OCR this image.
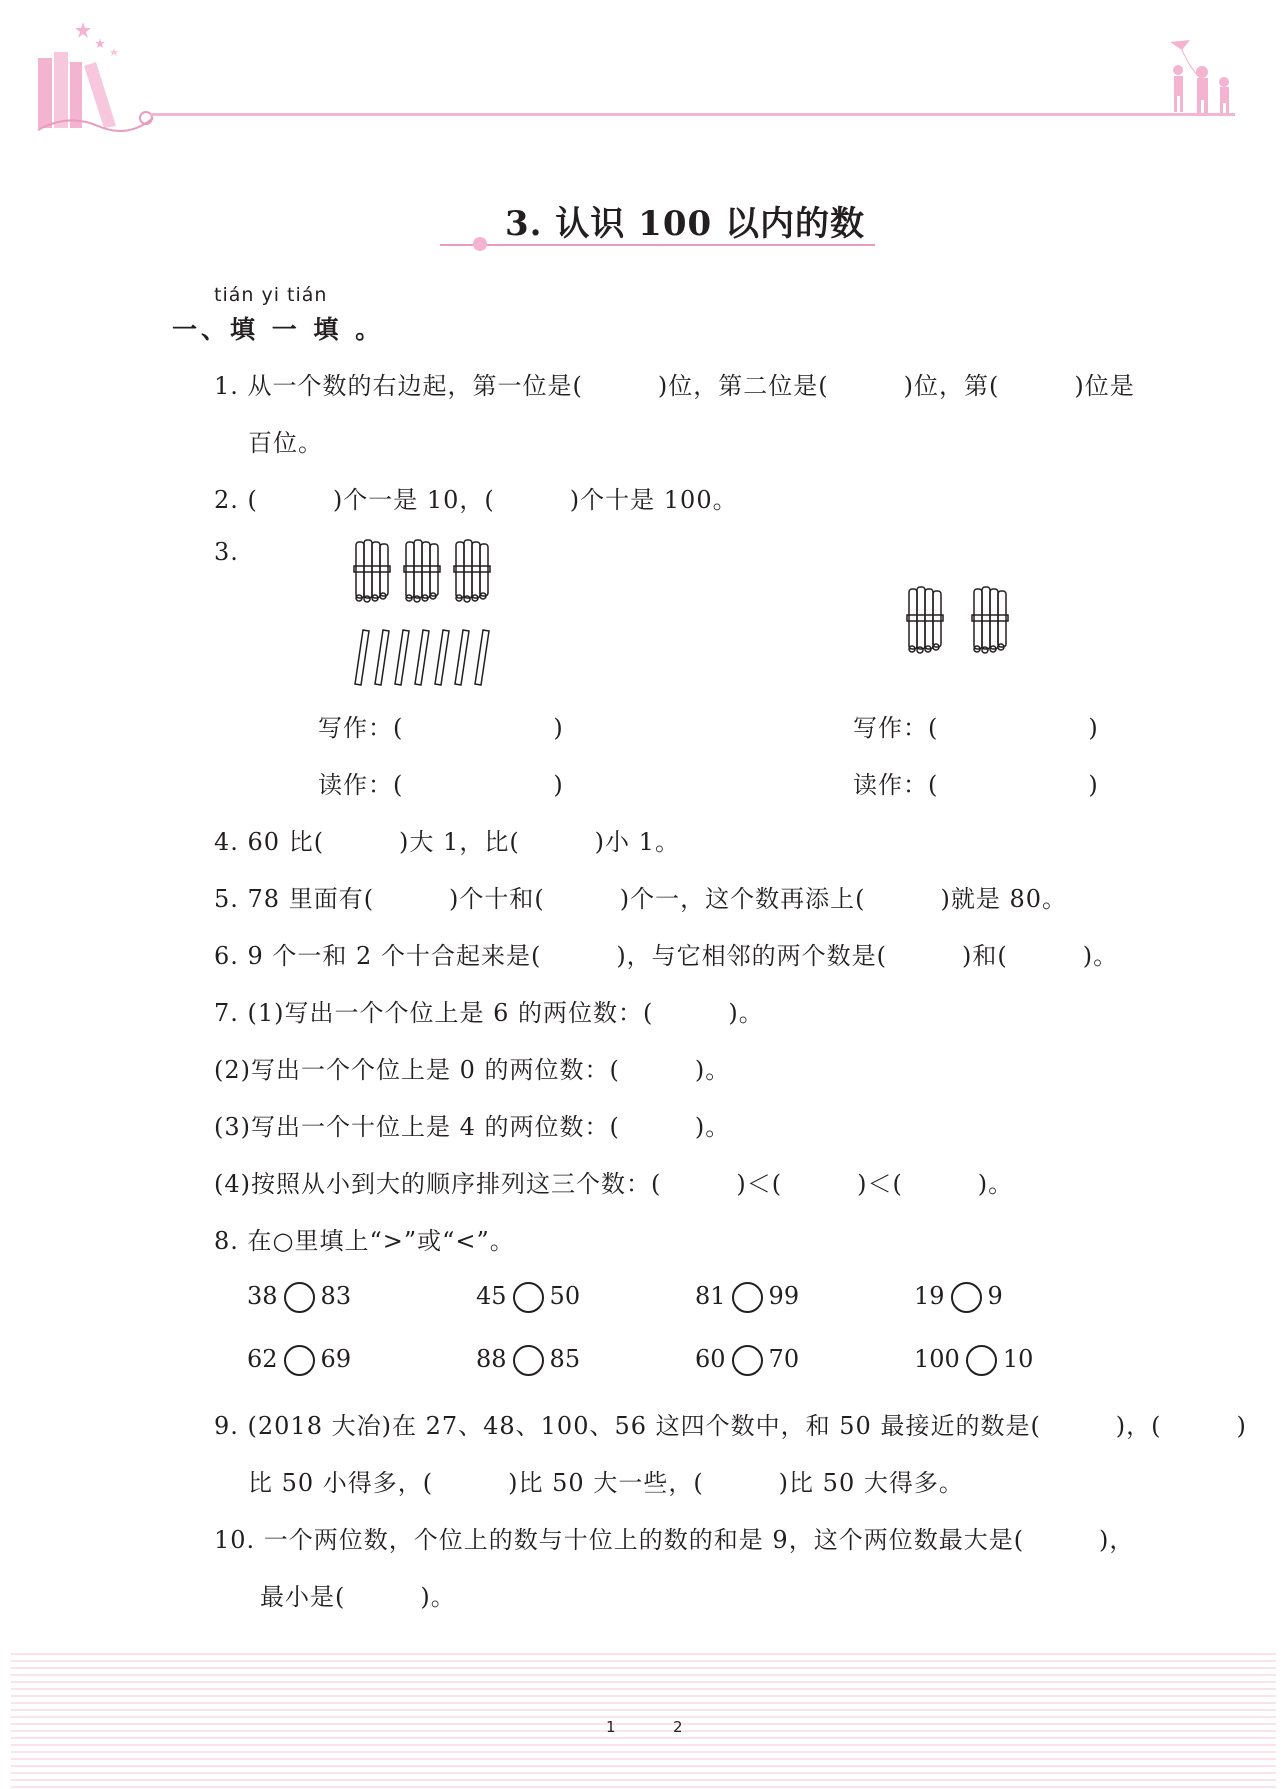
3. 认识 100 以内的数
tián yi tián
一、填 一 填 。
1. 从一个数的右边起，第一位是(　　　)位，第二位是(　　　)位，第(　　　)位是
百位。
2. (　　　)个一是 10，(　　　)个十是 100。
3.
写作：(　　　　　　)
读作：(　　　　　　)
写作：(　　　　　　)
读作：(　　　　　　)
4. 60 比(　　　)大 1，比(　　　)小 1。
5. 78 里面有(　　　)个十和(　　　)个一，这个数再添上(　　　)就是 80。
6. 9 个一和 2 个十合起来是(　　　)，与它相邻的两个数是(　　　)和(　　　)。
7. (1)写出一个个位上是 6 的两位数：(　　　)。
(2)写出一个个位上是 0 的两位数：(　　　)。
(3)写出一个十位上是 4 的两位数：(　　　)。
(4)按照从小到大的顺序排列这三个数：(　　　)＜(　　　)＜(　　　)。
8. 在○里填上“>”或“<”。
38 83	45 50	81 99	19 9
62 69	88 85	60 70	100 10
9. (2018 大冶)在 27、48、100、56 这四个数中，和 50 最接近的数是(　　　)，(　　　)
比 50 小得多，(　　　)比 50 大一些，(　　　)比 50 大得多。
10. 一个两位数，个位上的数与十位上的数的和是 9，这个两位数最大是(　　　)，
最小是(　　　)。
1	2
